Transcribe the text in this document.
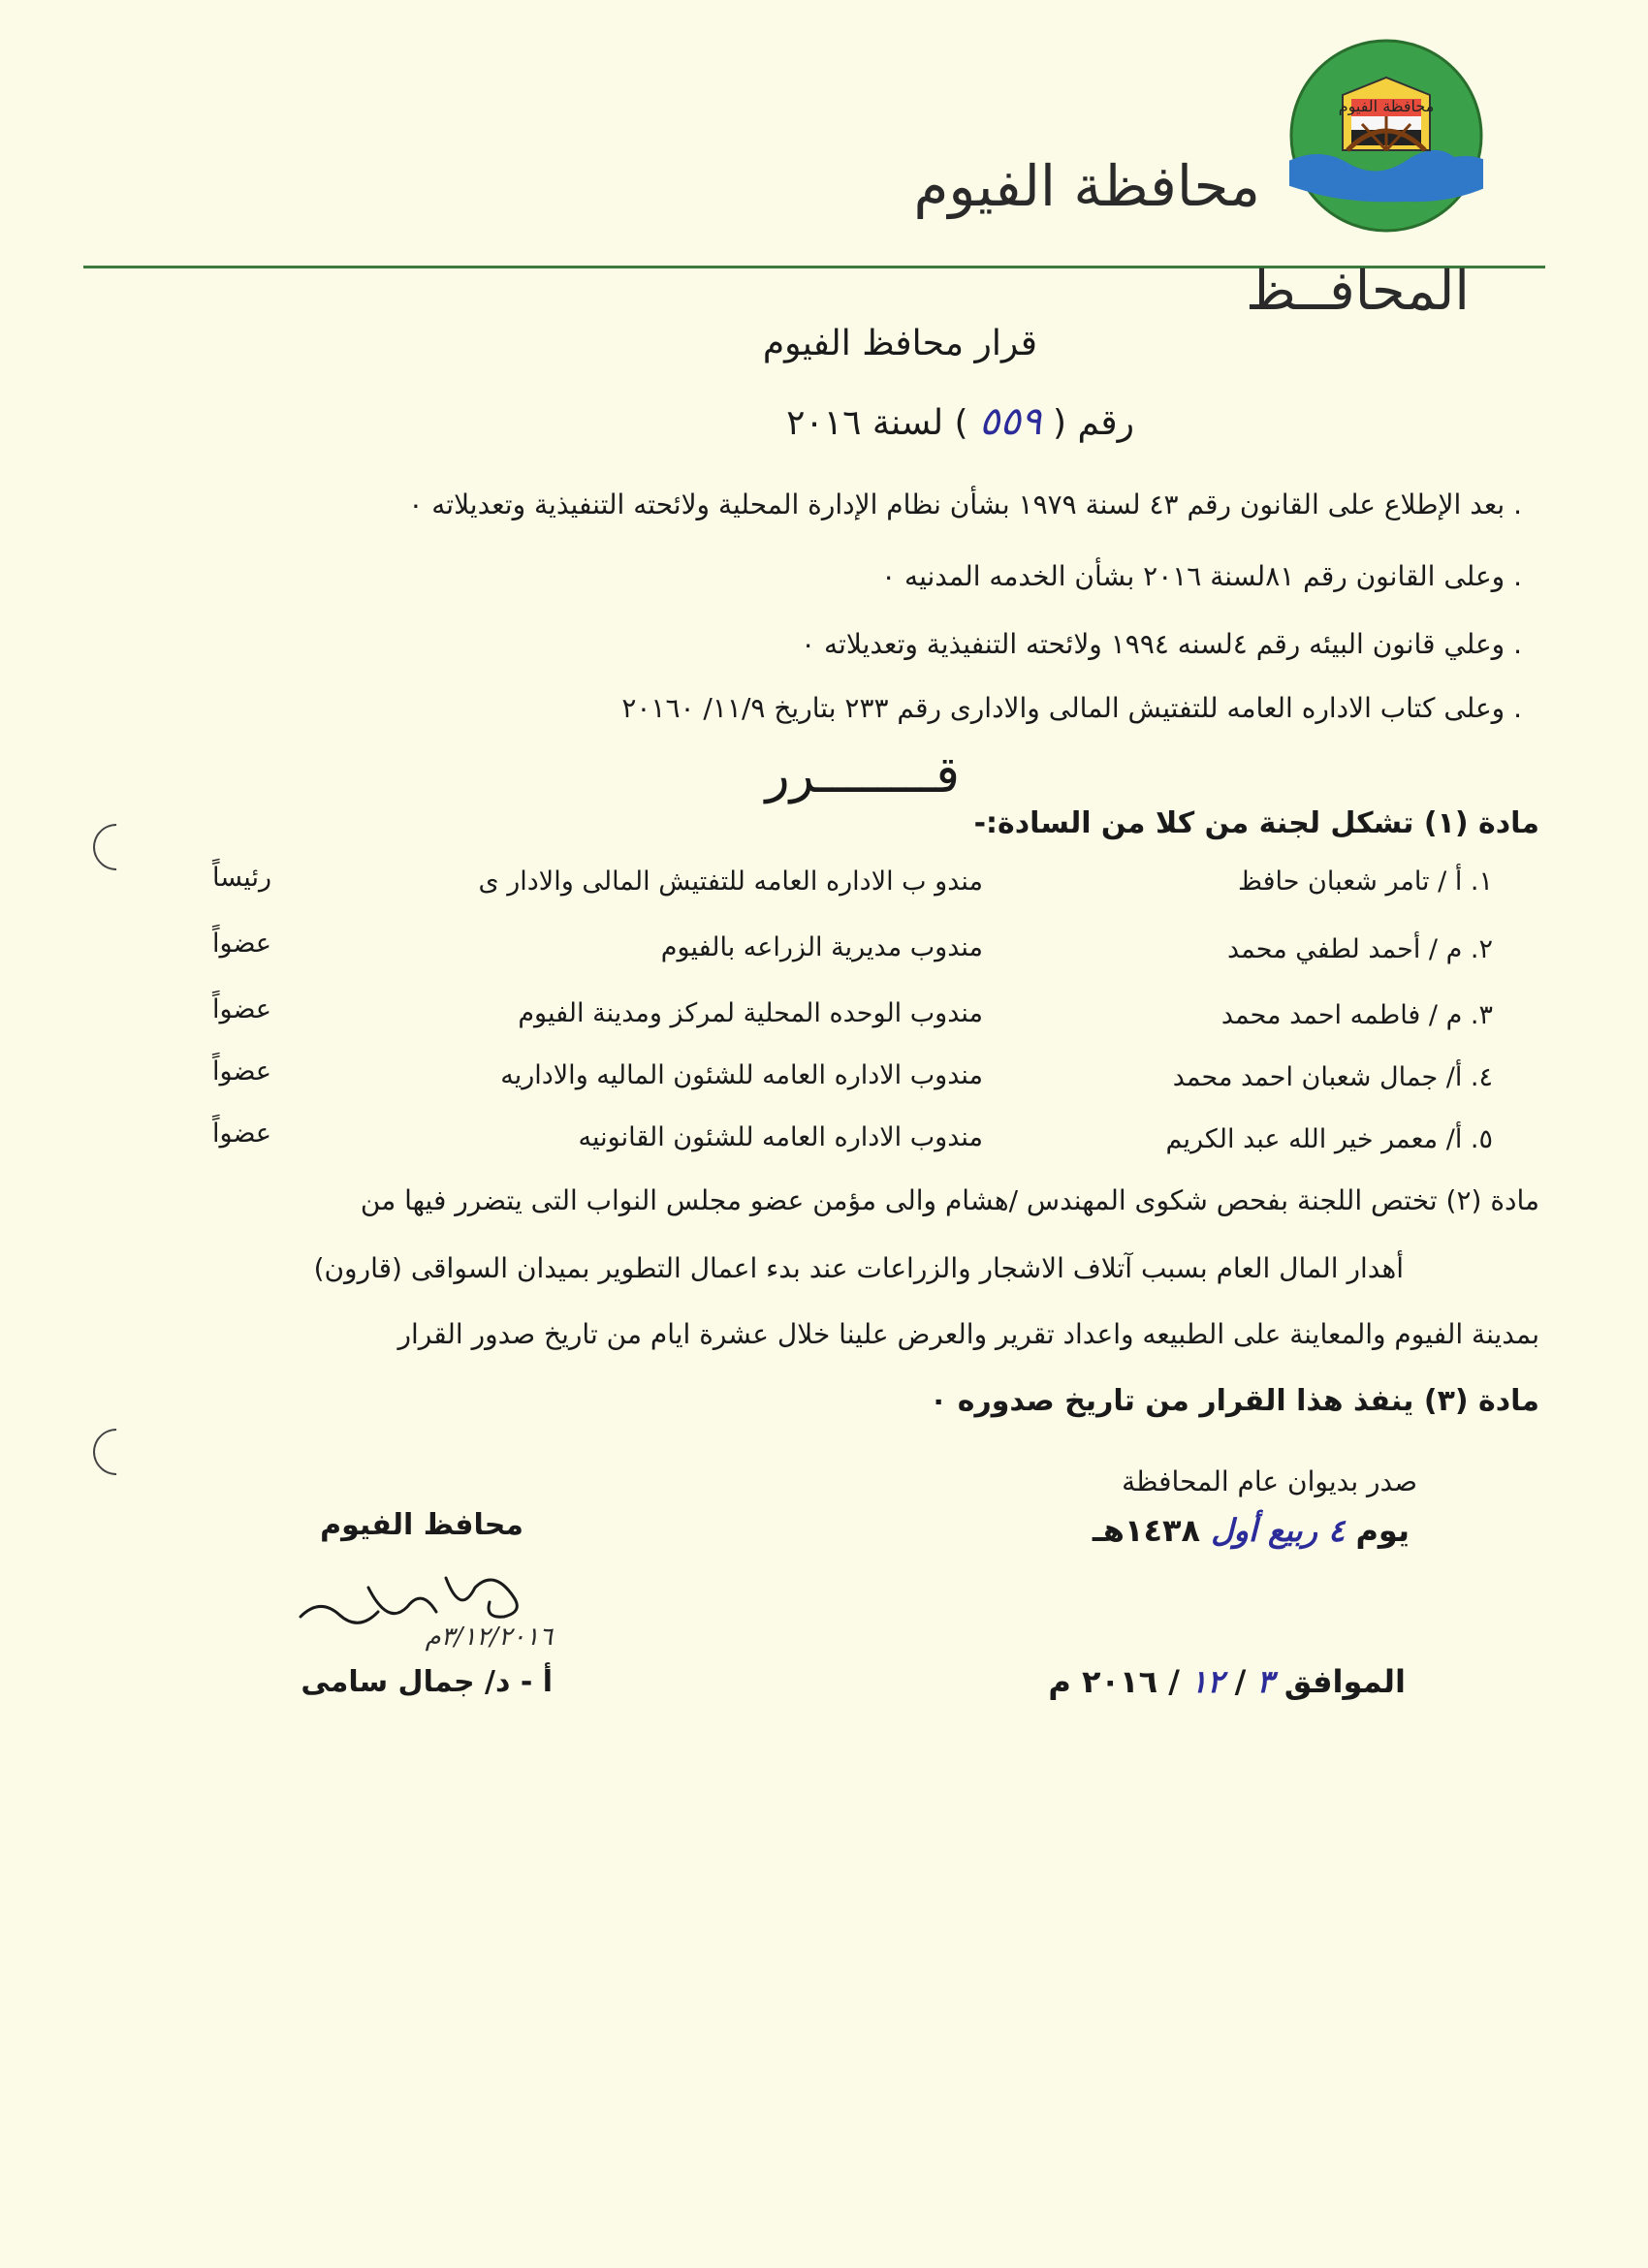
محافظة الفيوم
محافظة الفيوم
المحافــظ
قرار محافظ الفيوم
رقم ( ٥٥٩ ) لسنة ٢٠١٦
. بعد الإطلاع على القانون رقم ٤٣ لسنة ١٩٧٩ بشأن نظام الإدارة المحلية ولائحته التنفيذية وتعديلاته ٠
. وعلى القانون رقم ٨١لسنة ٢٠١٦ بشأن الخدمه المدنيه ٠
. وعلي قانون البيئه رقم ٤لسنه ١٩٩٤ ولائحته التنفيذية وتعديلاته ٠
. وعلى كتاب الاداره العامه للتفتيش المالى والادارى رقم ٢٣٣ بتاريخ ١١/٩/ ٢٠١٦٠
قــــــــرر
مادة (١) تشكل لجنة من كلا من السادة:-
١. أ / تامر شعبان حافظ
مندو ب الاداره العامه للتفتيش المالى والادار ى
رئيساً
٢. م / أحمد لطفي محمد
مندوب مديرية الزراعه بالفيوم
عضواً
٣. م / فاطمه احمد محمد
مندوب الوحده المحلية لمركز ومدينة الفيوم
عضواً
٤. أ/ جمال شعبان احمد محمد
مندوب الاداره العامه للشئون الماليه والاداريه
عضواً
٥. أ/ معمر خير الله عبد الكريم
مندوب الاداره العامه للشئون القانونيه
عضواً
مادة (٢) تختص اللجنة بفحص شكوى المهندس /هشام والى مؤمن عضو مجلس النواب التى يتضرر فيها من
أهدار المال العام بسبب آتلاف الاشجار والزراعات عند بدء اعمال التطوير بميدان السواقى (قارون)
بمدينة الفيوم والمعاينة على الطبيعه واعداد تقرير والعرض علينا خلال عشرة ايام من تاريخ صدور القرار
مادة (٣) ينفذ هذا القرار من تاريخ صدوره ٠
صدر بديوان عام المحافظة
يوم ٤ ربيع أول ١٤٣٨هـ
الموافق ٣ / ١٢ / ٢٠١٦ م
محافظ الفيوم
٣/١٢/٢٠١٦م
أ - د/ جمال سامى
